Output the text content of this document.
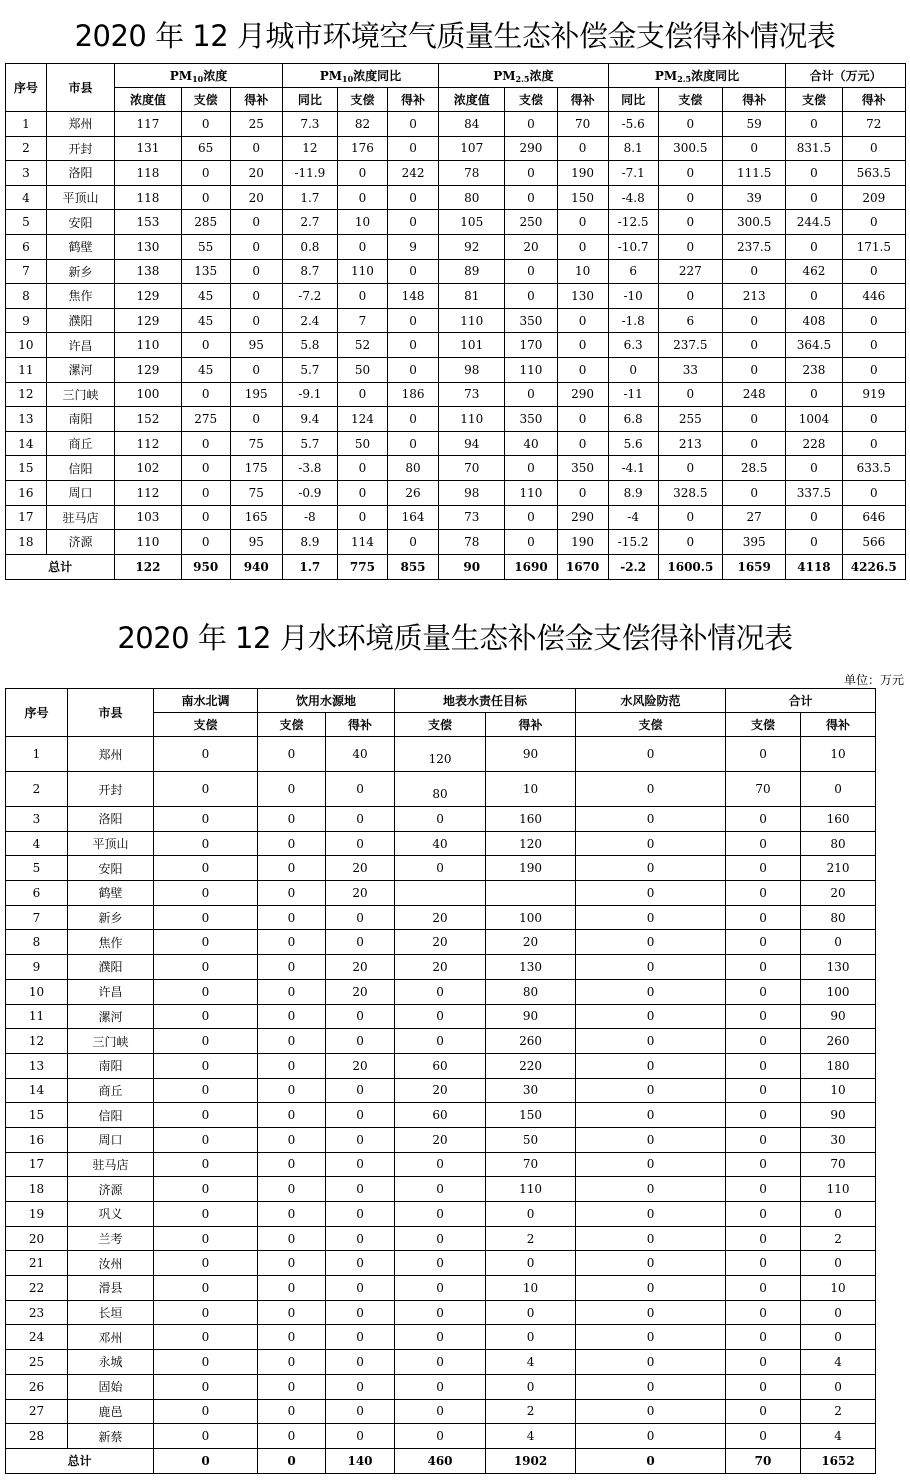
2020 年 12 月城市环境空气质量生态补偿金支偿得补情况表
序号	市县	$PM_{10}$浓度			$PM_{10}$浓度同比			$PM_{2.5}$浓度			$PM_{2.5}$浓度同比			合计（万元）	
		浓度值	支偿	得补	同比	支偿	得补	浓度值	支偿	得补	同比	支偿	得补	支偿	得补
1	郑州	117	0	25	7.3	82	0	84	0	70	-5.6	0	59	0	72
2	开封	131	65	0	12	176	0	107	290	0	8.1	300.5	0	831.5	0
3	洛阳	118	0	20	-11.9	0	242	78	0	190	-7.1	0	111.5	0	563.5
4	平顶山	118	0	20	1.7	0	0	80	0	150	-4.8	0	39	0	209
5	安阳	153	285	0	2.7	10	0	105	250	0	-12.5	0	300.5	244.5	0
6	鹤壁	130	55	0	0.8	0	9	92	20	0	-10.7	0	237.5	0	171.5
7	新乡	138	135	0	8.7	110	0	89	0	10	6	227	0	462	0
8	焦作	129	45	0	-7.2	0	148	81	0	130	-10	0	213	0	446
9	濮阳	129	45	0	2.4	7	0	110	350	0	-1.8	6	0	408	0
10	许昌	110	0	95	5.8	52	0	101	170	0	6.3	237.5	0	364.5	0
11	漯河	129	45	0	5.7	50	0	98	110	0	0	33	0	238	0
12	三门峡	100	0	195	-9.1	0	186	73	0	290	-11	0	248	0	919
13	南阳	152	275	0	9.4	124	0	110	350	0	6.8	255	0	1004	0
14	商丘	112	0	75	5.7	50	0	94	40	0	5.6	213	0	228	0
15	信阳	102	0	175	-3.8	0	80	70	0	350	-4.1	0	28.5	0	633.5
16	周口	112	0	75	-0.9	0	26	98	110	0	8.9	328.5	0	337.5	0
17	驻马店	103	0	165	-8	0	164	73	0	290	-4	0	27	0	646
18	济源	110	0	95	8.9	114	0	78	0	190	-15.2	0	395	0	566
总计		122	950	940	1.7	775	855	90	1690	1670	-2.2	1600.5	1659	4118	4226.5
2020 年 12 月水环境质量生态补偿金支偿得补情况表
单位：万元
序号	市县	南水北调	饮用水源地		地表水责任目标		水风险防范	合计	
		支偿	支偿	得补	支偿	得补	支偿	支偿	得补
1	郑州	0	0	40	120	90	0	0	10
2	开封	0	0	0	80	10	0	70	0
3	洛阳	0	0	0	0	160	0	0	160
4	平顶山	0	0	0	40	120	0	0	80
5	安阳	0	0	20	0	190	0	0	210
6	鹤壁	0	0	20			0	0	20
7	新乡	0	0	0	20	100	0	0	80
8	焦作	0	0	0	20	20	0	0	0
9	濮阳	0	0	20	20	130	0	0	130
10	许昌	0	0	20	0	80	0	0	100
11	漯河	0	0	0	0	90	0	0	90
12	三门峡	0	0	0	0	260	0	0	260
13	南阳	0	0	20	60	220	0	0	180
14	商丘	0	0	0	20	30	0	0	10
15	信阳	0	0	0	60	150	0	0	90
16	周口	0	0	0	20	50	0	0	30
17	驻马店	0	0	0	0	70	0	0	70
18	济源	0	0	0	0	110	0	0	110
19	巩义	0	0	0	0	0	0	0	0
20	兰考	0	0	0	0	2	0	0	2
21	汝州	0	0	0	0	0	0	0	0
22	滑县	0	0	0	0	10	0	0	10
23	长垣	0	0	0	0	0	0	0	0
24	邓州	0	0	0	0	0	0	0	0
25	永城	0	0	0	0	4	0	0	4
26	固始	0	0	0	0	0	0	0	0
27	鹿邑	0	0	0	0	2	0	0	2
28	新蔡	0	0	0	0	4	0	0	4
总计		0	0	140	460	1902	0	70	1652
